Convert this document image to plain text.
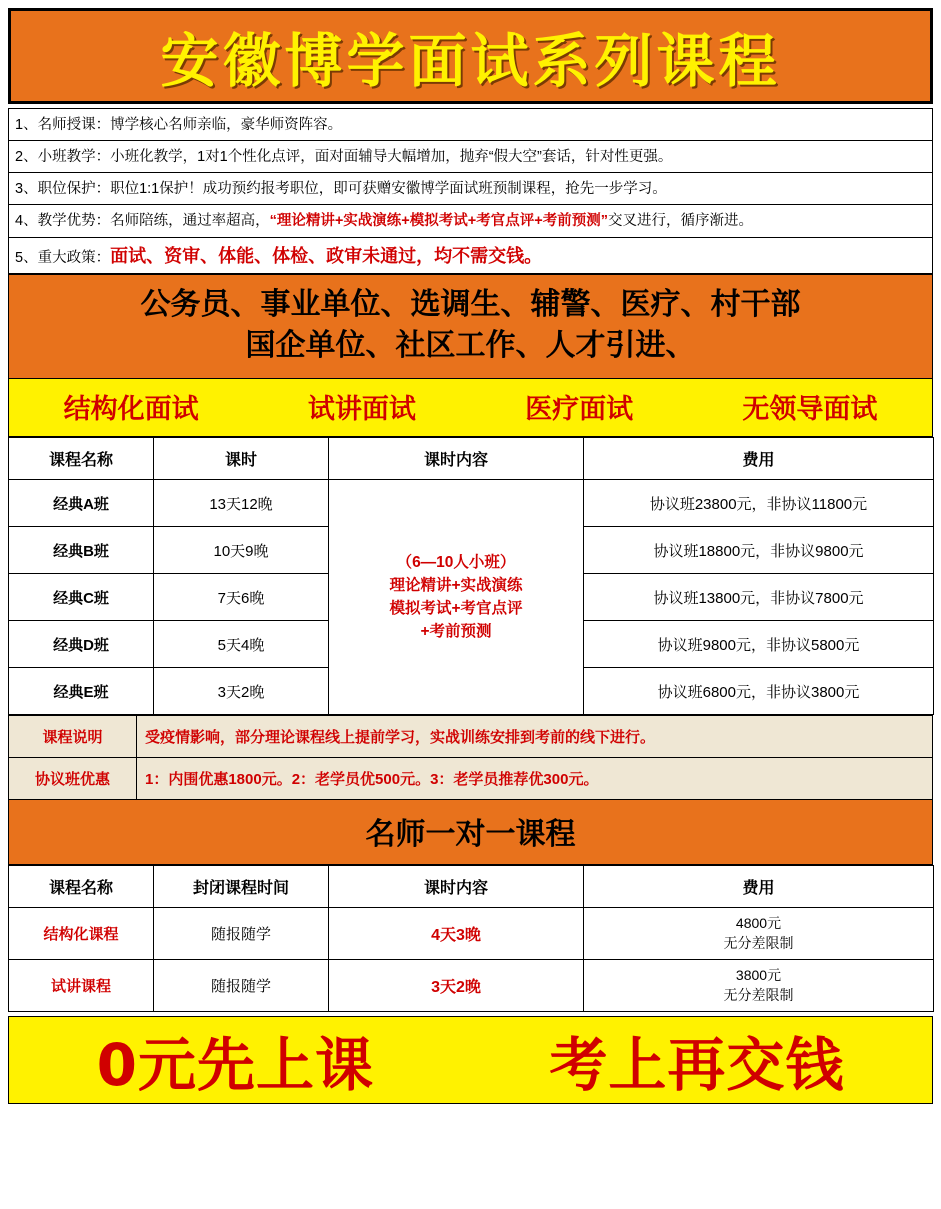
安徽博学面试系列课程
1、名师授课：博学核心名师亲临，豪华师资阵容。
2、小班教学：小班化教学，1对1个性化点评，面对面辅导大幅增加，抛弃“假大空”套话，针对性更强。
3、职位保护：职位1:1保护！成功预约报考职位，即可获赠安徽博学面试班预制课程，抢先一步学习。
4、教学优势：名师陪练，通过率超高，“理论精讲+实战演练+模拟考试+考官点评+考前预测”交叉进行，循序渐进。
5、重大政策：面试、资审、体能、体检、政审未通过，均不需交钱。
公务员、事业单位、选调生、辅警、医疗、村干部
国企单位、社区工作、人才引进、
结构化面试	试讲面试	医疗面试	无领导面试
课程名称	课时	课时内容	费用
经典A班	13天12晚	（6—10人小班）
理论精讲+实战演练
模拟考试+考官点评
+考前预测	协议班23800元，非协议11800元
经典B班	10天9晚		协议班18800元，非协议9800元
经典C班	7天6晚		协议班13800元，非协议7800元
经典D班	5天4晚		协议班9800元，非协议5800元
经典E班	3天2晚		协议班6800元，非协议3800元
课程说明	受疫情影响，部分理论课程线上提前学习，实战训练安排到考前的线下进行。
协议班优惠	1：内围优惠1800元。2：老学员优500元。3：老学员推荐优300元。
名师一对一课程
课程名称	封闭课程时间	课时内容	费用
结构化课程	随报随学	4天3晚	4800元
无分差限制

试讲课程	随报随学	3天2晚	3800元
无分差限制
0元先上课	考上再交钱
